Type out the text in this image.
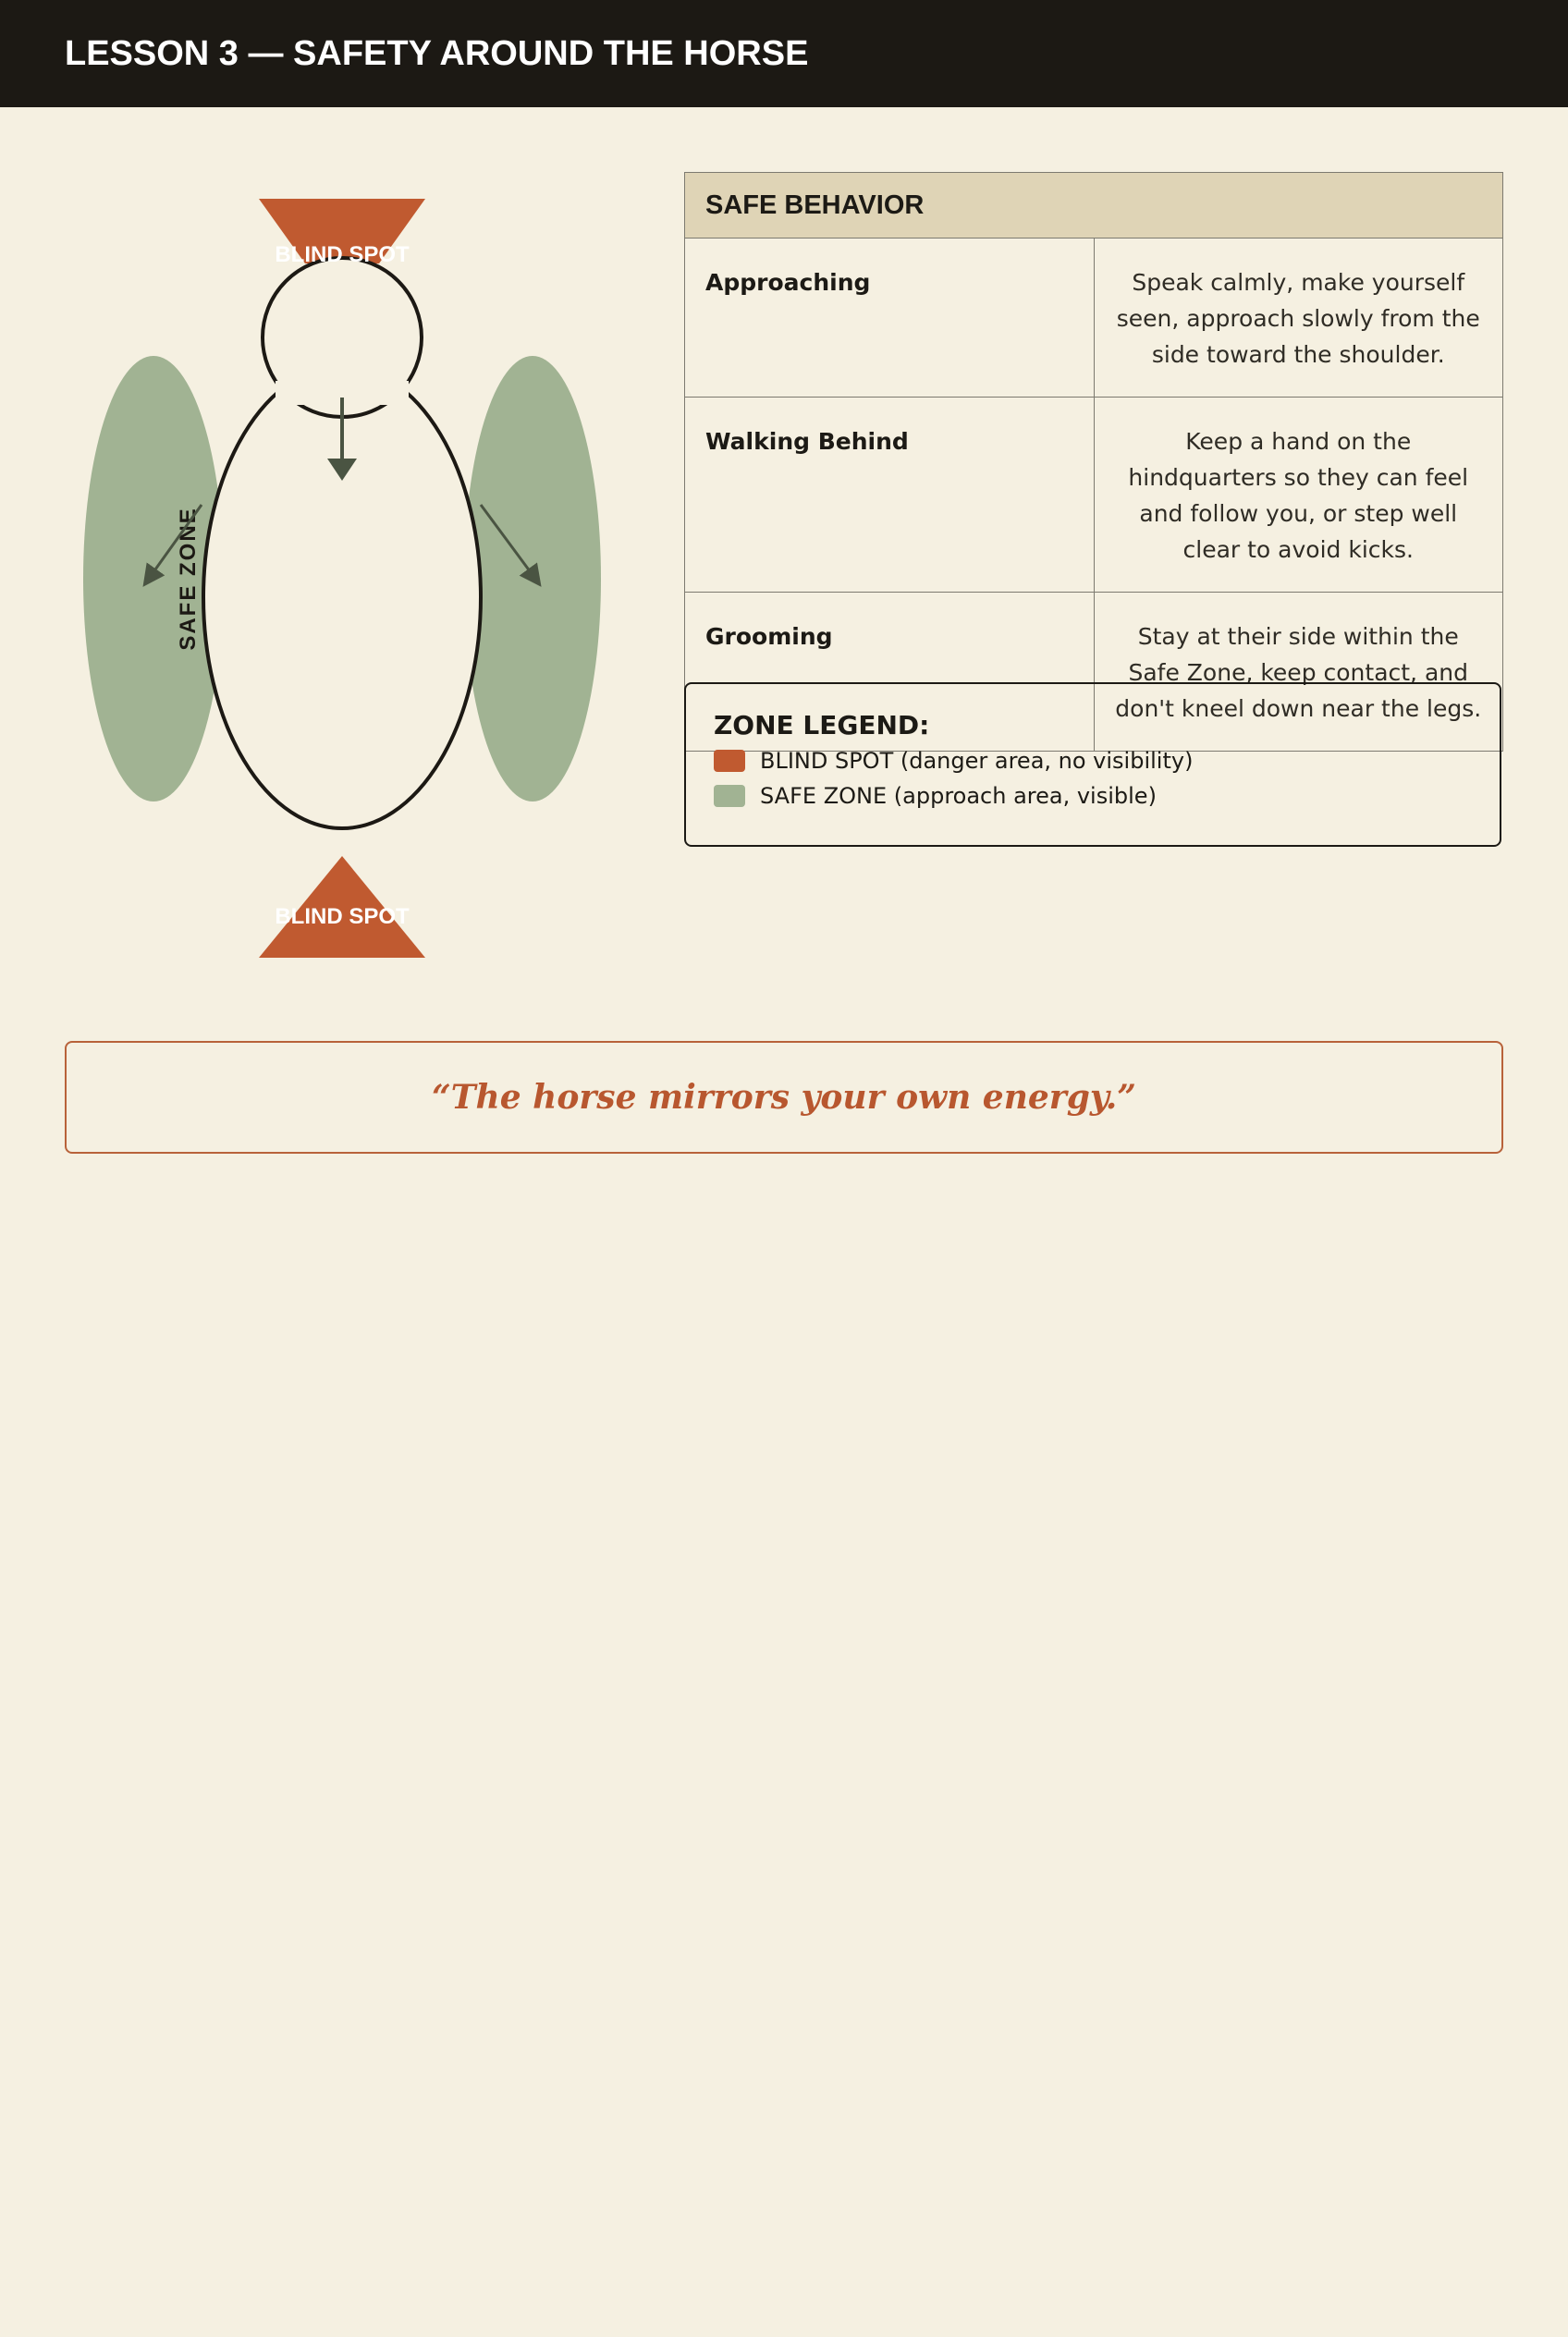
LESSON 3 — SAFETY AROUND THE HORSE
BLIND SPOT
BLIND SPOT
SAFE ZONE
SAFE BEHAVIOR	
Approaching	Speak calmly, make yourself seen, approach slowly from the side toward the shoulder.
Walking Behind	Keep a hand on the hindquarters so they can feel and follow you, or step well clear to avoid kicks.
Grooming	Stay at their side within the Safe Zone, keep contact, and don't kneel down near the legs.

ZONE LEGEND:

BLIND SPOT (danger area, no visibility)
SAFE ZONE (approach area, visible)

“The horse mirrors your own energy.”
